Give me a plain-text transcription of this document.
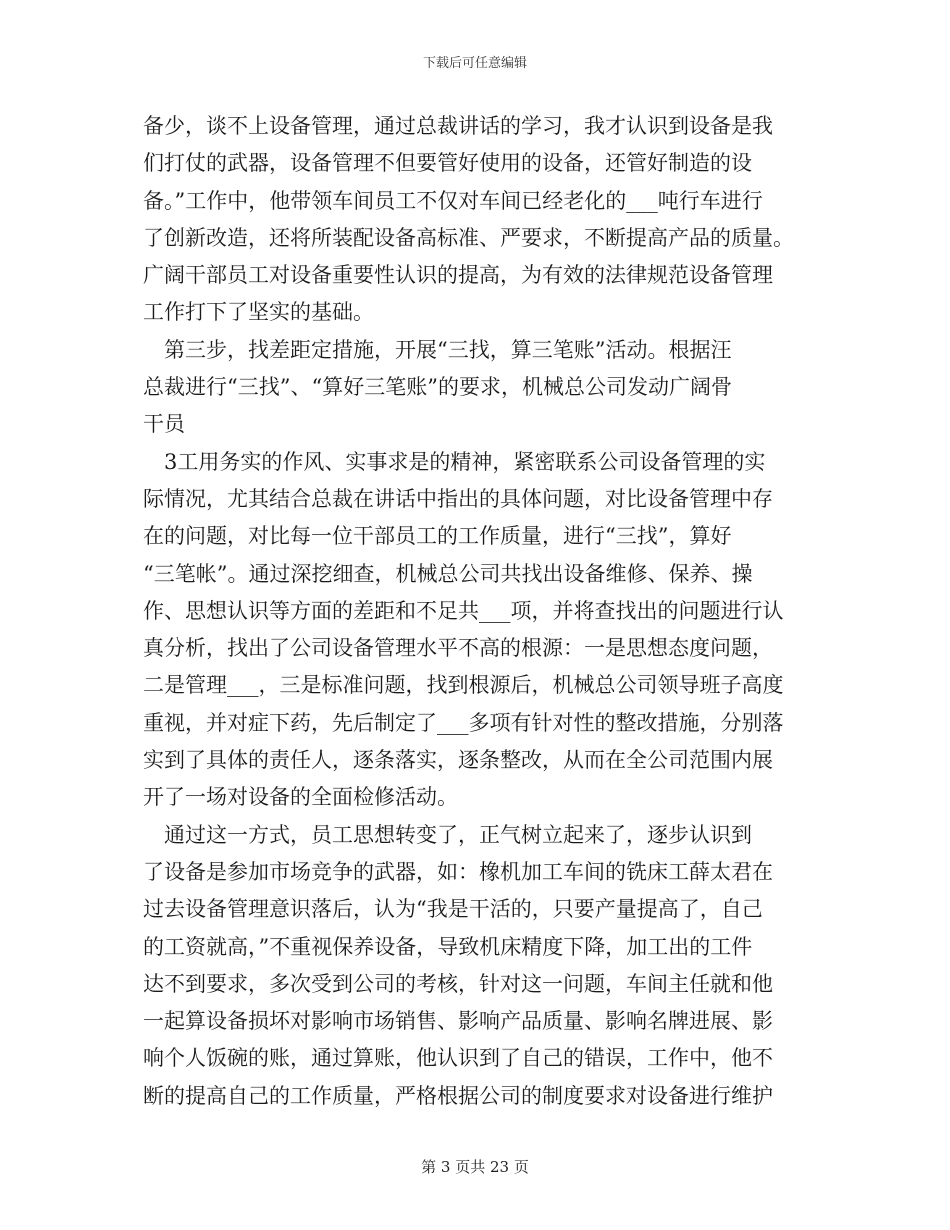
下载后可任意编辑
备少，谈不上设备管理，通过总裁讲话的学习，我才认识到设备是我
们打仗的武器，设备管理不但要管好使用的设备，还管好制造的设
备。”工作中，他带领车间员工不仅对车间已经老化的___吨行车进行
了创新改造，还将所装配设备高标准、严要求，不断提高产品的质量。
广阔干部员工对设备重要性认识的提高，为有效的法律规范设备管理
工作打下了坚实的基础。
　第三步，找差距定措施，开展“三找，算三笔账”活动。根据汪
总裁进行“三找”、“算好三笔账”的要求，机械总公司发动广阔骨
干员
　3工用务实的作风、实事求是的精神，紧密联系公司设备管理的实
际情况，尤其结合总裁在讲话中指出的具体问题，对比设备管理中存
在的问题，对比每一位干部员工的工作质量，进行“三找”，算好
“三笔帐”。通过深挖细查，机械总公司共找出设备维修、保养、操
作、思想认识等方面的差距和不足共___项，并将查找出的问题进行认
真分析，找出了公司设备管理水平不高的根源：一是思想态度问题，
二是管理___，三是标准问题，找到根源后，机械总公司领导班子高度
重视，并对症下药，先后制定了___多项有针对性的整改措施，分别落
实到了具体的责任人，逐条落实，逐条整改，从而在全公司范围内展
开了一场对设备的全面检修活动。
　通过这一方式，员工思想转变了，正气树立起来了，逐步认识到
了设备是参加市场竞争的武器，如：橡机加工车间的铣床工薛太君在
过去设备管理意识落后，认为“我是干活的，只要产量提高了，自己
的工资就高，”不重视保养设备，导致机床精度下降，加工出的工件
达不到要求，多次受到公司的考核，针对这一问题，车间主任就和他
一起算设备损坏对影响市场销售、影响产品质量、影响名牌进展、影
响个人饭碗的账，通过算账，他认识到了自己的错误，工作中，他不
断的提高自己的工作质量，严格根据公司的制度要求对设备进行维护
第 3 页共 23 页
